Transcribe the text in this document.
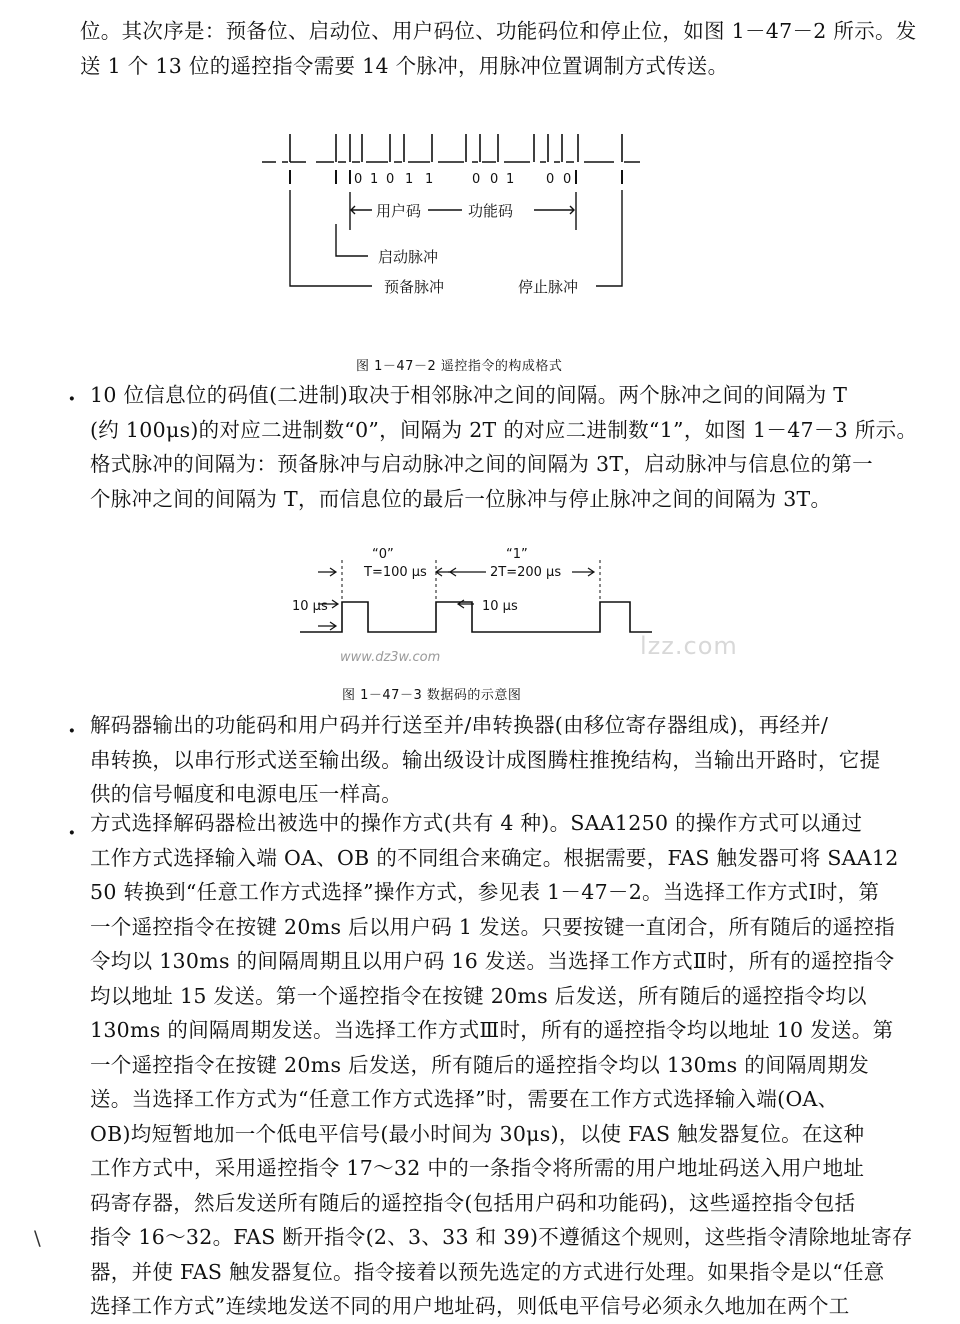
位。其次序是：预备位、启动位、用户码位、功能码位和停止位，如图 1－47－2 所示。发
送 1 个 13 位的遥控指令需要 14 个脉冲，用脉冲位置调制方式传送。
0 1 0 1 1	0 0 1 0 0
用户码	功能码
启动脉冲
预备脉冲	停止脉冲
图 1－47－2 遥控指令的构成格式
· 10 位信息位的码值(二进制)取决于相邻脉冲之间的间隔。两个脉冲之间的间隔为 T
(约 100μs)的对应二进制数“0”，间隔为 2T 的对应二进制数“1”，如图 1－47－3 所示。
格式脉冲的间隔为：预备脉冲与启动脉冲之间的间隔为 3T，启动脉冲与信息位的第一
个脉冲之间的间隔为 T，而信息位的最后一位脉冲与停止脉冲之间的间隔为 3T。
“0”	“1”
T=100 μs	2T=200 μs
10 μs	10 μs
www.dz3w.com	lzz.com
图 1－47－3 数据码的示意图
· 解码器输出的功能码和用户码并行送至并/串转换器(由移位寄存器组成)，再经并/
串转换，以串行形式送至输出级。输出级设计成图腾柱推挽结构，当输出开路时，它提
供的信号幅度和电源电压一样高。
· 方式选择解码器检出被选中的操作方式(共有 4 种)。SAA1250 的操作方式可以通过
工作方式选择输入端 OA、OB 的不同组合来确定。根据需要，FAS 触发器可将 SAA12
50 转换到“任意工作方式选择”操作方式，参见表 1－47－2。当选择工作方式Ⅰ时，第
一个遥控指令在按键 20ms 后以用户码 1 发送。只要按键一直闭合，所有随后的遥控指
令均以 130ms 的间隔周期且以用户码 16 发送。当选择工作方式Ⅱ时，所有的遥控指令
均以地址 15 发送。第一个遥控指令在按键 20ms 后发送，所有随后的遥控指令均以
130ms 的间隔周期发送。当选择工作方式Ⅲ时，所有的遥控指令均以地址 10 发送。第
一个遥控指令在按键 20ms 后发送，所有随后的遥控指令均以 130ms 的间隔周期发
送。当选择工作方式为“任意工作方式选择”时，需要在工作方式选择输入端(OA、
OB)均短暂地加一个低电平信号(最小时间为 30μs)，以使 FAS 触发器复位。在这种
工作方式中，采用遥控指令 17～32 中的一条指令将所需的用户地址码送入用户地址
码寄存器，然后发送所有随后的遥控指令(包括用户码和功能码)，这些遥控指令包括
指令 16～32。FAS 断开指令(2、3、33 和 39)不遵循这个规则，这些指令清除地址寄存
器，并使 FAS 触发器复位。指令接着以预先选定的方式进行处理。如果指令是以“任意
选择工作方式”连续地发送不同的用户地址码，则低电平信号必须永久地加在两个工
\
